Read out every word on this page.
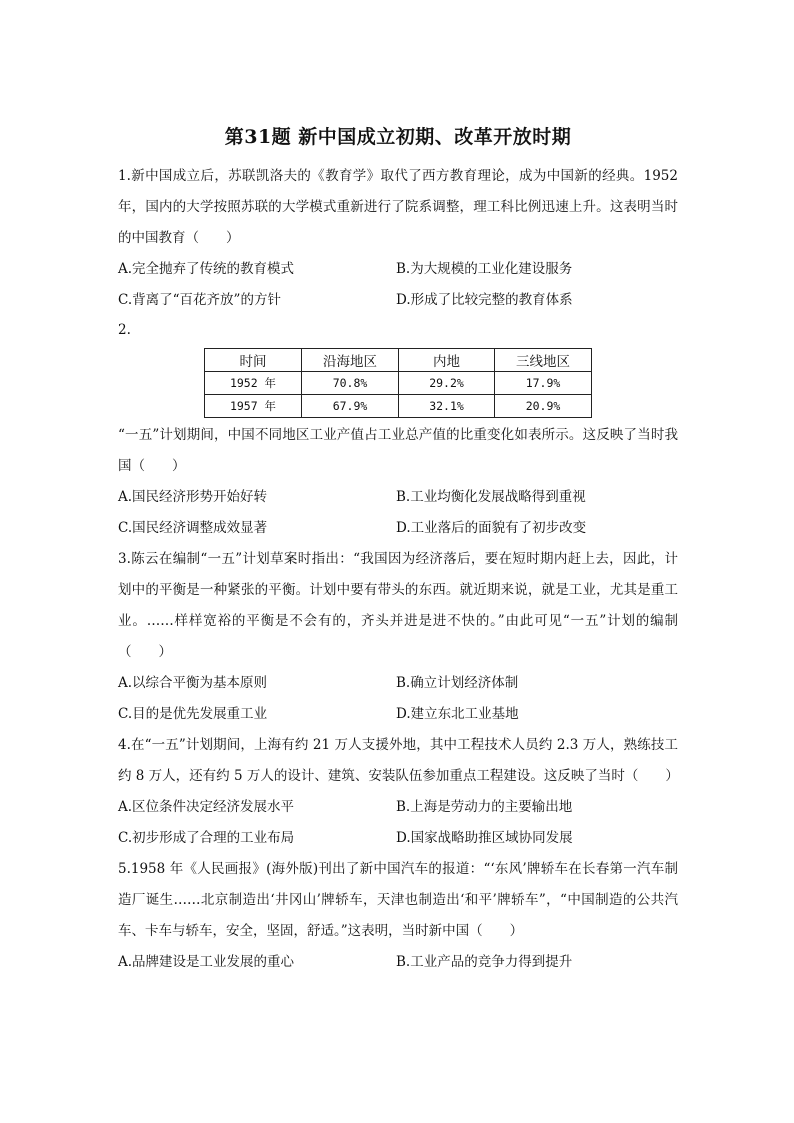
第31题 新中国成立初期、改革开放时期

1.新中国成立后，苏联凯洛夫的《教育学》取代了西方教育理论，成为中国新的经典。1952年，国内的大学按照苏联的大学模式重新进行了院系调整，理工科比例迅速上升。这表明当时的中国教育（　　）

A.完全抛弃了传统的教育模式	B.为大规模的工业化建设服务
C.背离了“百花齐放”的方针	D.形成了比较完整的教育体系
2.
时间	沿海地区	内地	三线地区
1952 年	70.8%	29.2%	17.9%
1957 年	67.9%	32.1%	20.9%

“一五”计划期间，中国不同地区工业产值占工业总产值的比重变化如表所示。这反映了当时我国（　　）

A.国民经济形势开始好转	B.工业均衡化发展战略得到重视
C.国民经济调整成效显著	D.工业落后的面貌有了初步改变

3.陈云在编制“一五”计划草案时指出：“我国因为经济落后，要在短时期内赶上去，因此，计划中的平衡是一种紧张的平衡。计划中要有带头的东西。就近期来说，就是工业，尤其是重工业。……样样宽裕的平衡是不会有的，齐头并进是进不快的。”由此可见“一五”计划的编制（　　）

A.以综合平衡为基本原则	B.确立计划经济体制
C.目的是优先发展重工业	D.建立东北工业基地

4.在“一五”计划期间，上海有约 21 万人支援外地，其中工程技术人员约 2.3 万人，熟练技工约 8 万人，还有约 5 万人的设计、建筑、安装队伍参加重点工程建设。这反映了当时（　　）

A.区位条件决定经济发展水平	B.上海是劳动力的主要输出地
C.初步形成了合理的工业布局	D.国家战略助推区域协同发展

5.1958 年《人民画报》(海外版)刊出了新中国汽车的报道：“‘东风’牌轿车在长春第一汽车制造厂诞生……北京制造出‘井冈山’牌轿车，天津也制造出‘和平’牌轿车”，“中国制造的公共汽车、卡车与轿车，安全，坚固，舒适。”这表明，当时新中国（　　）

A.品牌建设是工业发展的重心	B.工业产品的竞争力得到提升
